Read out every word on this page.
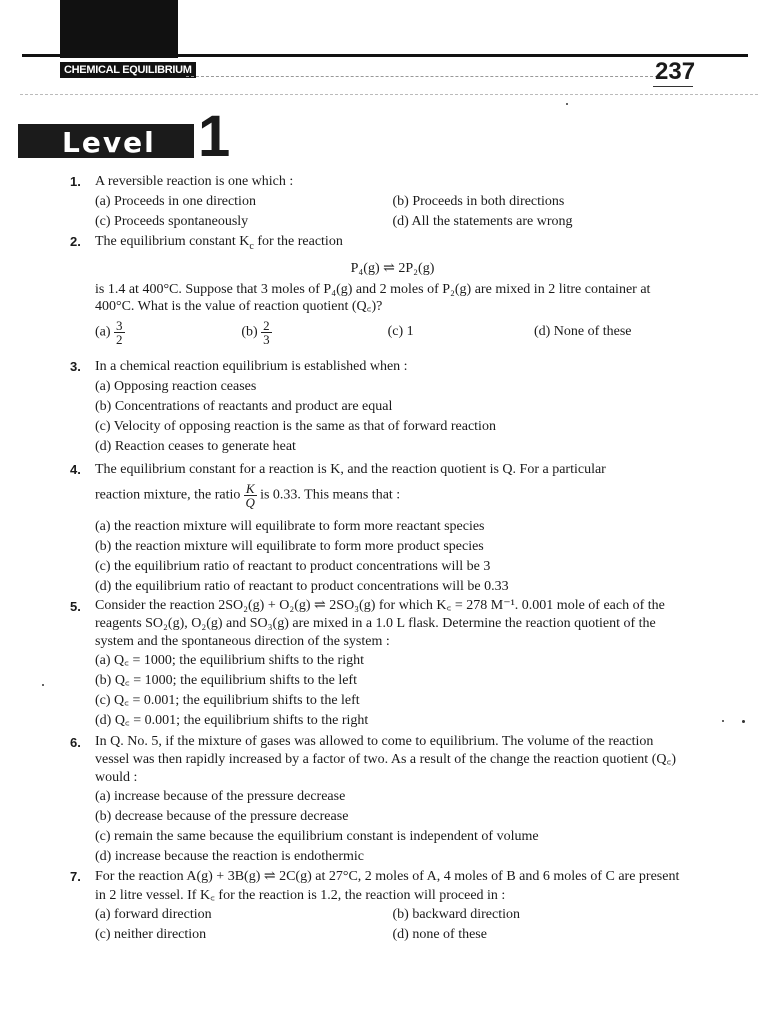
CHEMICAL EQUILIBRIUM	237
Level 1
1. A reversible reaction is one which :
(a) Proceeds in one direction	(b) Proceeds in both directions
(c) Proceeds spontaneously	(d) All the statements are wrong
2. The equilibrium constant $K_c$ for the reaction
P₄(g) ⇌ 2P₂(g)
is 1.4 at 400°C. Suppose that 3 moles of P₄(g) and 2 moles of P₂(g) are mixed in 2 litre container at 400°C. What is the value of reaction quotient (Q꜀)?
$(a) \frac{3}{2}$	$(b) \frac{2}{3}$	(c) 1	(d) None of these
3. In a chemical reaction equilibrium is established when :
(a) Opposing reaction ceases
(b) Concentrations of reactants and product are equal
(c) Velocity of opposing reaction is the same as that of forward reaction
(d) Reaction ceases to generate heat
4. The equilibrium constant for a reaction is K, and the reaction quotient is Q. For a particular
reaction mixture, the ratio $\frac{K}{Q}$ is 0.33. This means that :
(a) the reaction mixture will equilibrate to form more reactant species
(b) the reaction mixture will equilibrate to form more product species
(c) the equilibrium ratio of reactant to product concentrations will be 3
(d) the equilibrium ratio of reactant to product concentrations will be 0.33
5. Consider the reaction 2SO₂(g) + O₂(g) ⇌ 2SO₃(g) for which K꜀ = 278 M⁻¹. 0.001 mole of each of the reagents SO₂(g), O₂(g) and SO₃(g) are mixed in a 1.0 L flask. Determine the reaction quotient of the system and the spontaneous direction of the system :
(a) Q꜀ = 1000; the equilibrium shifts to the right
(b) Q꜀ = 1000; the equilibrium shifts to the left
(c) Q꜀ = 0.001; the equilibrium shifts to the left
(d) Q꜀ = 0.001; the equilibrium shifts to the right
6. In Q. No. 5, if the mixture of gases was allowed to come to equilibrium. The volume of the reaction vessel was then rapidly increased by a factor of two. As a result of the change the reaction quotient (Q꜀) would :
(a) increase because of the pressure decrease
(b) decrease because of the pressure decrease
(c) remain the same because the equilibrium constant is independent of volume
(d) increase because the reaction is endothermic
7. For the reaction A(g) + 3B(g) ⇌ 2C(g) at 27°C, 2 moles of A, 4 moles of B and 6 moles of C are present in 2 litre vessel. If K꜀ for the reaction is 1.2, the reaction will proceed in :
(a) forward direction	(b) backward direction
(c) neither direction	(d) none of these
